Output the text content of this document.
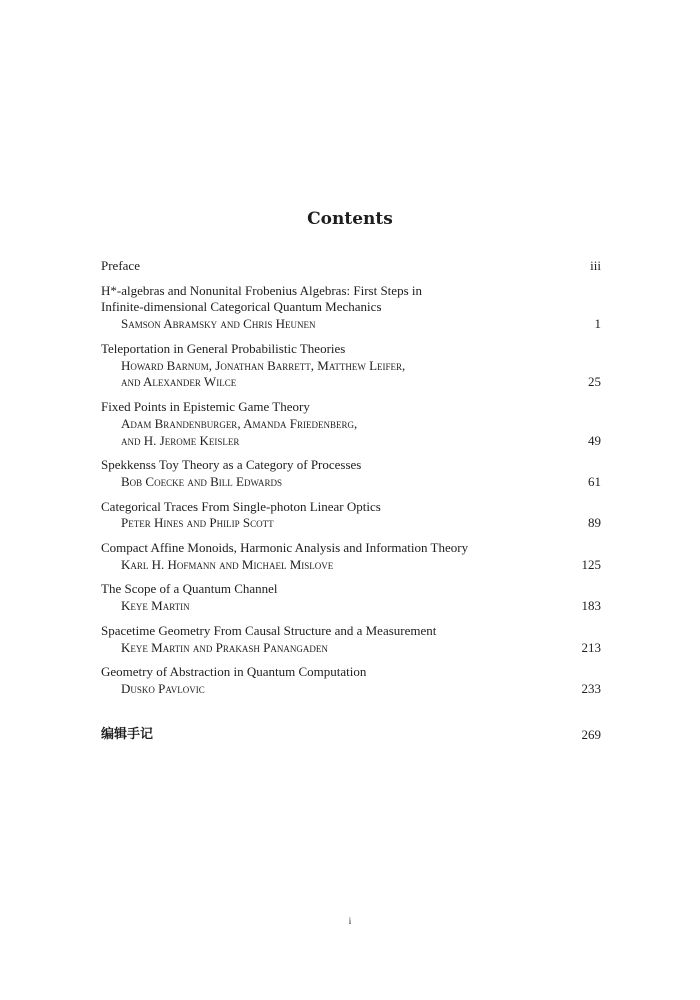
Contents
Preface	iii
H*-algebras and Nonunital Frobenius Algebras: First Steps in
Infinite-dimensional Categorical Quantum Mechanics
Samson Abramsky and Chris Heunen	1
Teleportation in General Probabilistic Theories
Howard Barnum, Jonathan Barrett, Matthew Leifer,
and Alexander Wilce	25
Fixed Points in Epistemic Game Theory
Adam Brandenburger, Amanda Friedenberg,
and H. Jerome Keisler	49
Spekkenss Toy Theory as a Category of Processes
Bob Coecke and Bill Edwards	61
Categorical Traces From Single-photon Linear Optics
Peter Hines and Philip Scott	89
Compact Affine Monoids, Harmonic Analysis and Information Theory
Karl H. Hofmann and Michael Mislove	125
The Scope of a Quantum Channel
Keye Martin	183
Spacetime Geometry From Causal Structure and a Measurement
Keye Martin and Prakash Panangaden	213
Geometry of Abstraction in Quantum Computation
Dusko Pavlovic	233
编辑手记	269
i
